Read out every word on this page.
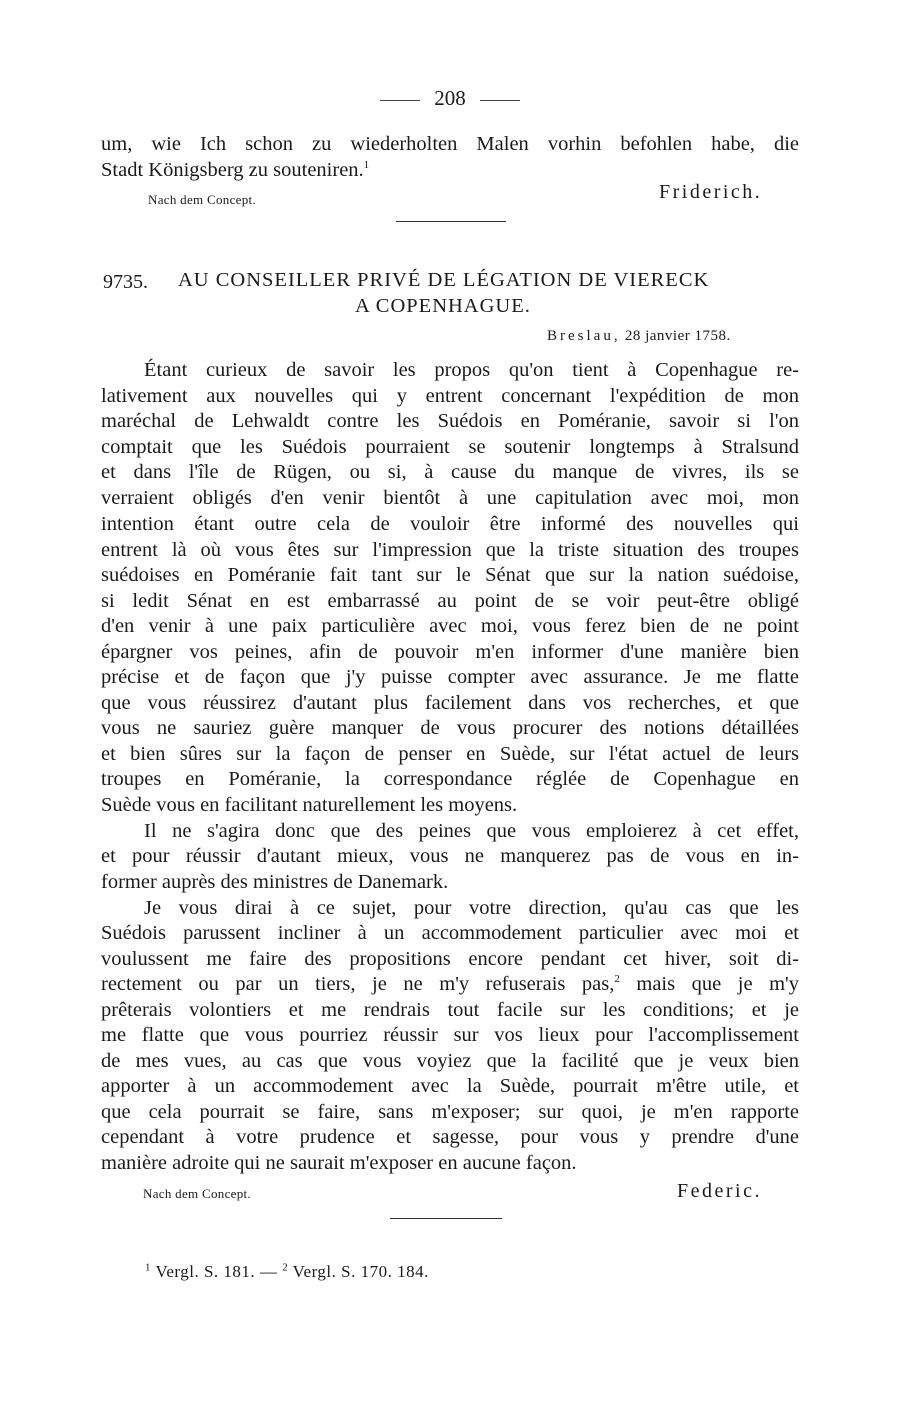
208
um, wie Ich schon zu wiederholten Malen vorhin befohlen habe, die
Stadt Königsberg zu souteniren.$^1$
Nach dem Concept.	Friderich.
9735. AU CONSEILLER PRIVÉ DE LÉGATION DE VIERECK
A COPENHAGUE.
Breslau, 28 janvier 1758.
Étant curieux de savoir les propos qu'on tient à Copenhague re-
lativement aux nouvelles qui y entrent concernant l'expédition de mon
maréchal de Lehwaldt contre les Suédois en Poméranie, savoir si l'on
comptait que les Suédois pourraient se soutenir longtemps à Stralsund
et dans l'île de Rügen, ou si, à cause du manque de vivres, ils se
verraient obligés d'en venir bientôt à une capitulation avec moi, mon
intention étant outre cela de vouloir être informé des nouvelles qui
entrent là où vous êtes sur l'impression que la triste situation des troupes
suédoises en Poméranie fait tant sur le Sénat que sur la nation suédoise,
si ledit Sénat en est embarrassé au point de se voir peut-être obligé
d'en venir à une paix particulière avec moi, vous ferez bien de ne point
épargner vos peines, afin de pouvoir m'en informer d'une manière bien
précise et de façon que j'y puisse compter avec assurance. Je me flatte
que vous réussirez d'autant plus facilement dans vos recherches, et que
vous ne sauriez guère manquer de vous procurer des notions détaillées
et bien sûres sur la façon de penser en Suède, sur l'état actuel de leurs
troupes en Poméranie, la correspondance réglée de Copenhague en
Suède vous en facilitant naturellement les moyens.
Il ne s'agira donc que des peines que vous emploierez à cet effet,
et pour réussir d'autant mieux, vous ne manquerez pas de vous en in-
former auprès des ministres de Danemark.
Je vous dirai à ce sujet, pour votre direction, qu'au cas que les
Suédois parussent incliner à un accommodement particulier avec moi et
voulussent me faire des propositions encore pendant cet hiver, soit di-
rectement ou par un tiers, je ne m'y refuserais pas,$^2$ mais que je m'y
prêterais volontiers et me rendrais tout facile sur les conditions; et je
me flatte que vous pourriez réussir sur vos lieux pour l'accomplissement
de mes vues, au cas que vous voyiez que la facilité que je veux bien
apporter à un accommodement avec la Suède, pourrait m'être utile, et
que cela pourrait se faire, sans m'exposer; sur quoi, je m'en rapporte
cependant à votre prudence et sagesse, pour vous y prendre d'une
manière adroite qui ne saurait m'exposer en aucune façon.
Nach dem Concept.	Federic.
$^1$ Vergl. S. 181. — $^2$ Vergl. S. 170. 184.
